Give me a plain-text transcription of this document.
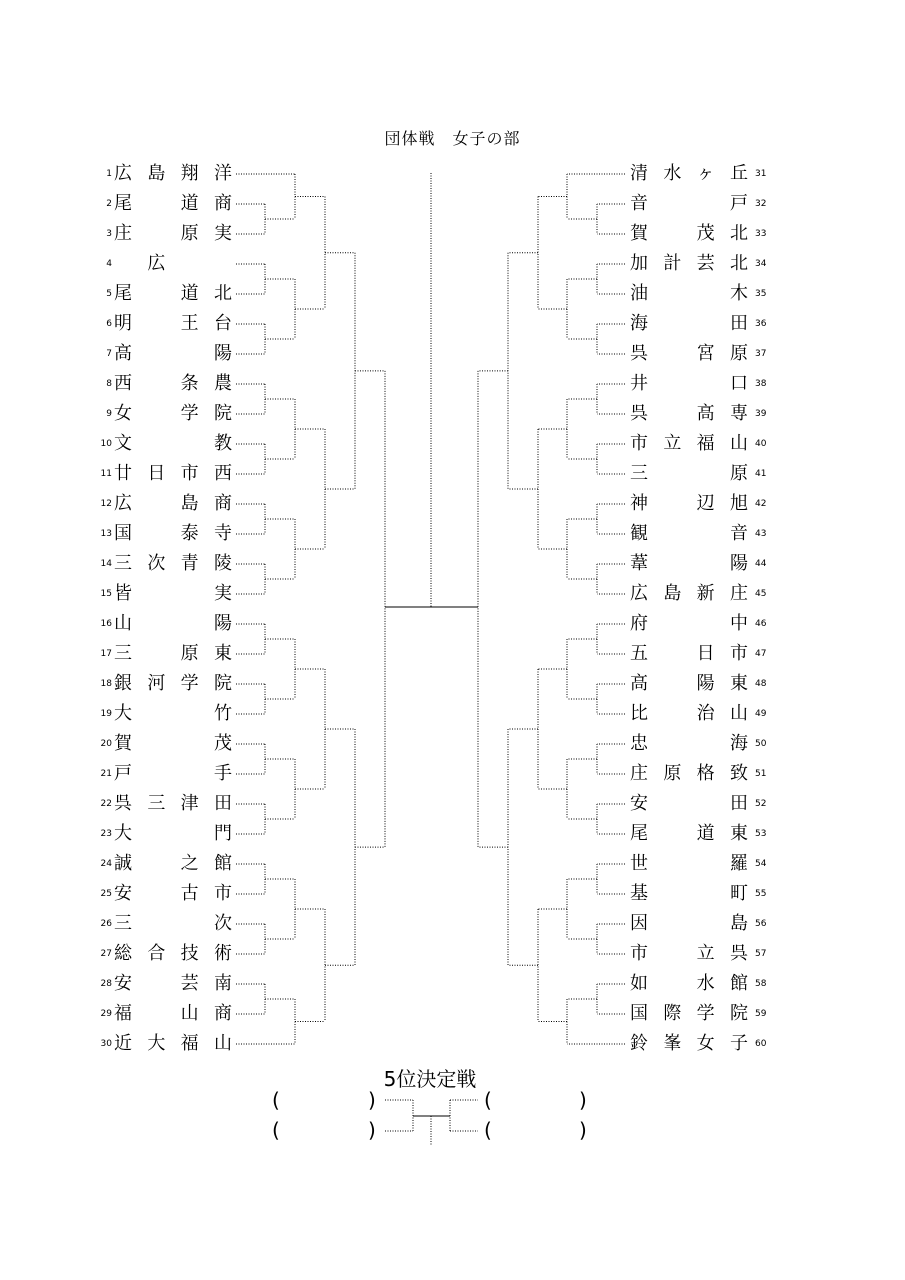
団体戦　女子の部
1 広 島 翔 洋
2 尾	道 商
3 庄	原 実
4 広
5 尾	道 北
6 明	王 台
7 高	陽
8 西	条 農
9 女	学 院
10 文	教
11 廿 日 市 西
12 広	島 商
13 国	泰 寺
14 三 次 青 陵
15 皆	実
16 山	陽
17 三	原 東
18 銀 河 学 院
19 大	竹
20 賀	茂
21 戸	手
22 呉 三 津 田
23 大	門
24 誠	之 館
25 安	古 市
26 三	次
27 総 合 技 術
28 安	芸 南
29 福	山 商
30 近 大 福 山
清 水 ヶ 丘 31
音	戸 32
賀	茂 北 33
加 計 芸 北 34
油	木 35
海	田 36
呉	宮 原 37
井	口 38
呉	高 専 39
市 立 福 山 40
三	原 41
神	辺 旭 42
観	音 43
葦	陽 44
広 島 新 庄 45
府	中 46
五	日 市 47
高	陽 東 48
比	治 山 49
忠	海 50
庄 原 格 致 51
安	田 52
尾	道 東 53
世	羅 54
基	町 55
因	島 56
市	立 呉 57
如	水 館 58
国 際 学 院 59
鈴 峯 女 子 60
5位決定戦
(	)
(	)
(	)
(	)
